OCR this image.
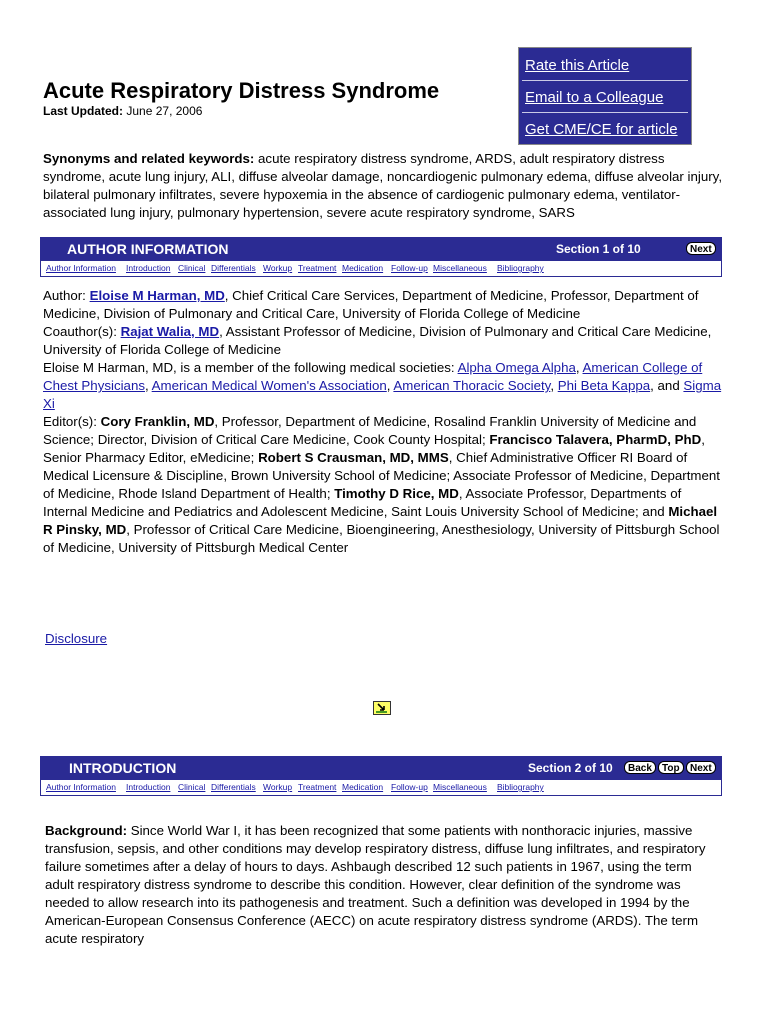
Rate this Article
Email to a Colleague
Get CME/CE for article
Acute Respiratory Distress Syndrome
Last Updated: June 27, 2006
Synonyms and related keywords: acute respiratory distress syndrome, ARDS, adult respiratory distress syndrome, acute lung injury, ALI, diffuse alveolar damage, noncardiogenic pulmonary edema, diffuse alveolar injury, bilateral pulmonary infiltrates, severe hypoxemia in the absence of cardiogenic pulmonary edema, ventilator-associated lung injury, pulmonary hypertension, severe acute respiratory syndrome, SARS
AUTHOR INFORMATION	Section 1 of 10	Next
Author Information Introduction Clinical Differentials Workup Treatment Medication Follow-up Miscellaneous Bibliography
Author: Eloise M Harman, MD, Chief Critical Care Services, Department of Medicine, Professor, Department of Medicine, Division of Pulmonary and Critical Care, University of Florida College of Medicine
Coauthor(s): Rajat Walia, MD, Assistant Professor of Medicine, Division of Pulmonary and Critical Care Medicine, University of Florida College of Medicine
Eloise M Harman, MD, is a member of the following medical societies: Alpha Omega Alpha, American College of Chest Physicians, American Medical Women's Association, American Thoracic Society, Phi Beta Kappa, and Sigma Xi
Editor(s): Cory Franklin, MD, Professor, Department of Medicine, Rosalind Franklin University of Medicine and Science; Director, Division of Critical Care Medicine, Cook County Hospital; Francisco Talavera, PharmD, PhD, Senior Pharmacy Editor, eMedicine; Robert S Crausman, MD, MMS, Chief Administrative Officer RI Board of Medical Licensure & Discipline, Brown University School of Medicine; Associate Professor of Medicine, Department of Medicine, Rhode Island Department of Health; Timothy D Rice, MD, Associate Professor, Departments of Internal Medicine and Pediatrics and Adolescent Medicine, Saint Louis University School of Medicine; and Michael R Pinsky, MD, Professor of Critical Care Medicine, Bioengineering, Anesthesiology, University of Pittsburgh School of Medicine, University of Pittsburgh Medical Center
Disclosure
INTRODUCTION	Section 2 of 10	Back	Top	Next
Author Information Introduction Clinical Differentials Workup Treatment Medication Follow-up Miscellaneous Bibliography
Background: Since World War I, it has been recognized that some patients with nonthoracic injuries, massive transfusion, sepsis, and other conditions may develop respiratory distress, diffuse lung infiltrates, and respiratory failure sometimes after a delay of hours to days. Ashbaugh described 12 such patients in 1967, using the term adult respiratory distress syndrome to describe this condition. However, clear definition of the syndrome was needed to allow research into its pathogenesis and treatment. Such a definition was developed in 1994 by the American-European Consensus Conference (AECC) on acute respiratory distress syndrome (ARDS). The term acute respiratory
